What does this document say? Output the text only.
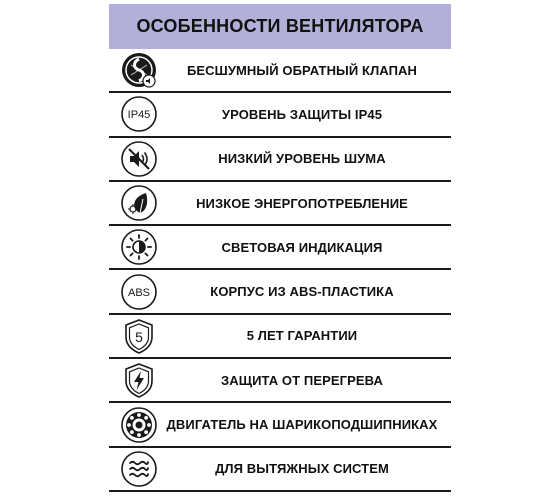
ОСОБЕННОСТИ ВЕНТИЛЯТОРА
БЕСШУМНЫЙ ОБРАТНЫЙ КЛАПАН
IP45	УРОВЕНЬ ЗАЩИТЫ IP45
НИЗКИЙ УРОВЕНЬ ШУМА
НИЗКОЕ ЭНЕРГОПОТРЕБЛЕНИЕ
СВЕТОВАЯ ИНДИКАЦИЯ
ABS	КОРПУС ИЗ ABS-ПЛАСТИКА
5	5 ЛЕТ ГАРАНТИИ
ЗАЩИТА ОТ ПЕРЕГРЕВА
ДВИГАТЕЛЬ НА ШАРИКОПОДШИПНИКАХ
ДЛЯ ВЫТЯЖНЫХ СИСТЕМ
